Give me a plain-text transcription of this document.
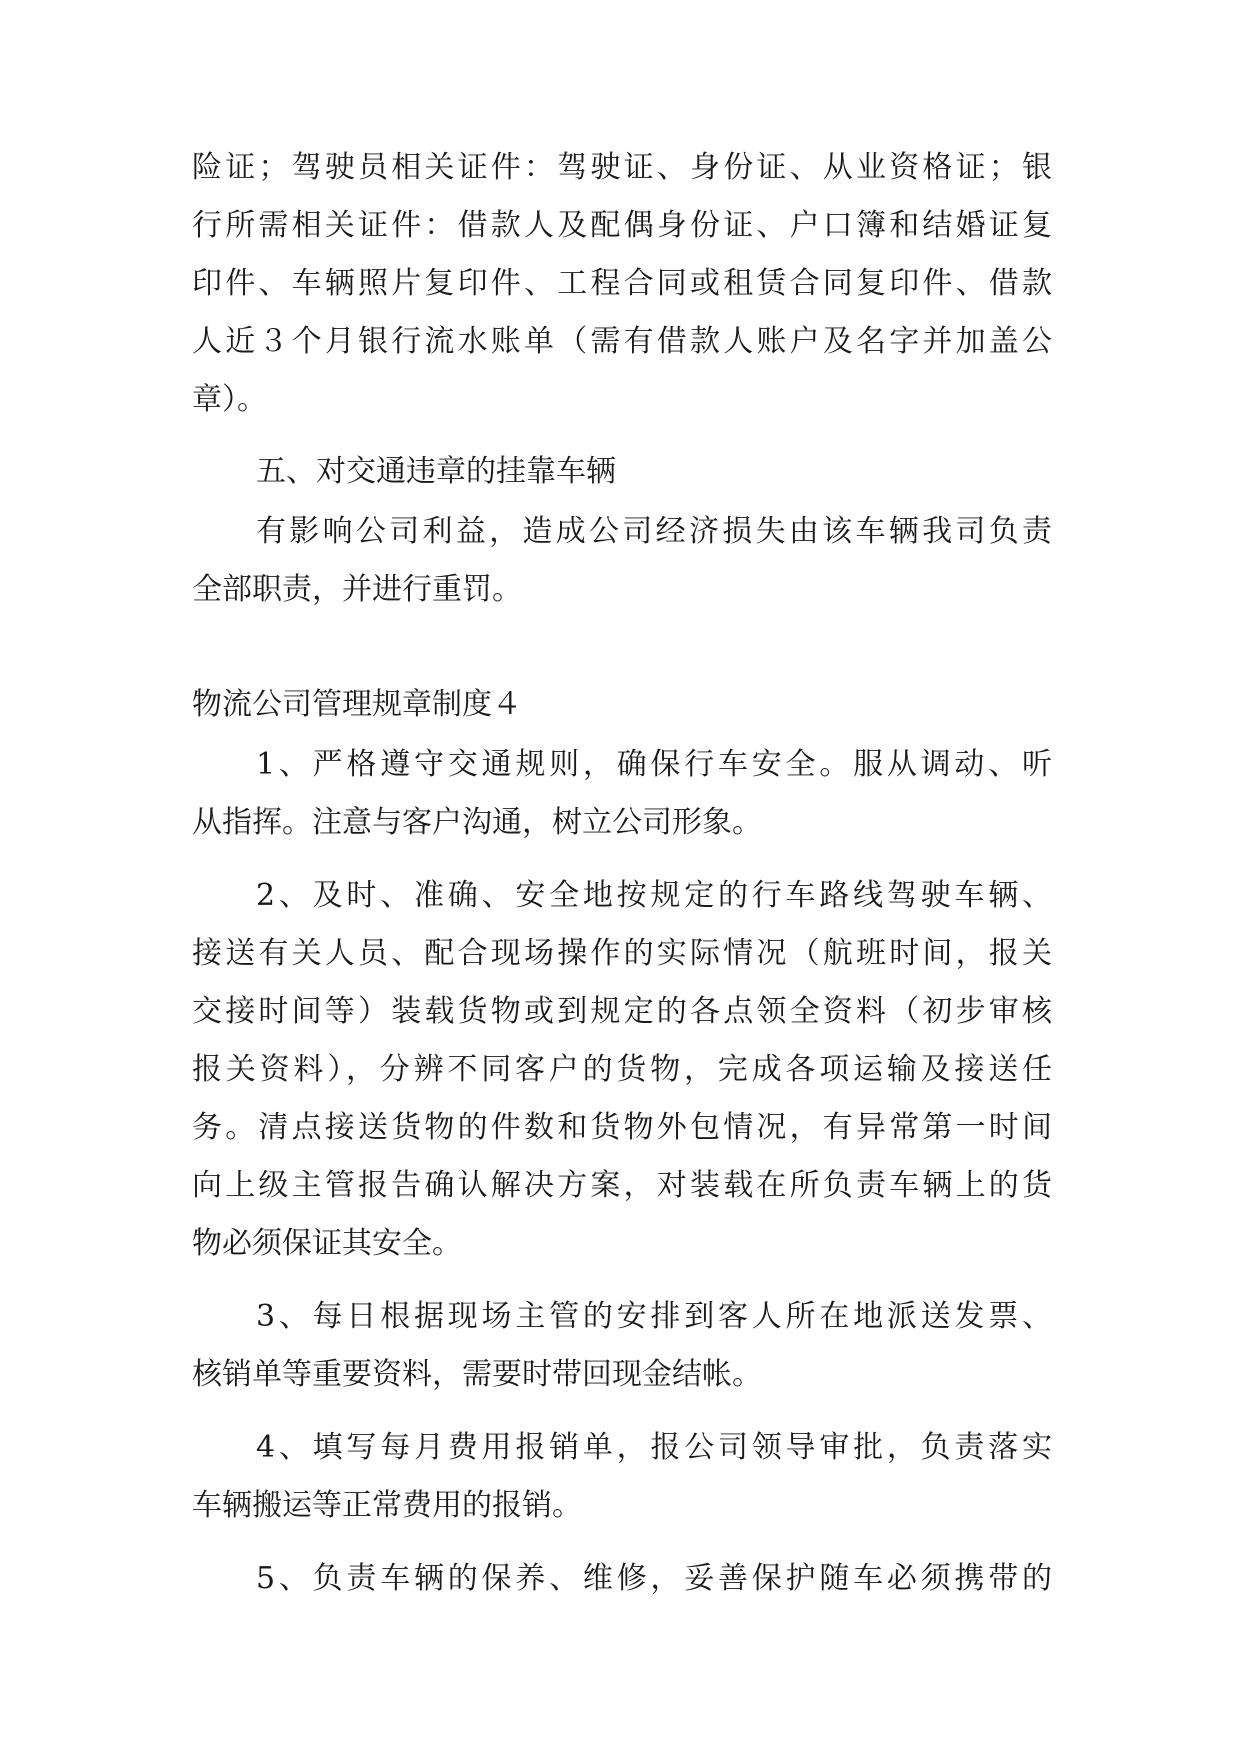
险证；驾驶员相关证件：驾驶证、身份证、从业资格证；银
行所需相关证件：借款人及配偶身份证、户口簿和结婚证复
印件、车辆照片复印件、工程合同或租赁合同复印件、借款
人近３个月银行流水账单（需有借款人账户及名字并加盖公
章）。
五、对交通违章的挂靠车辆
有影响公司利益，造成公司经济损失由该车辆我司负责
全部职责，并进行重罚。
物流公司管理规章制度４
1、严格遵守交通规则，确保行车安全。服从调动、听
从指挥。注意与客户沟通，树立公司形象。
2、及时、准确、安全地按规定的行车路线驾驶车辆、
接送有关人员、配合现场操作的实际情况（航班时间，报关
交接时间等）装载货物或到规定的各点领全资料（初步审核
报关资料），分辨不同客户的货物，完成各项运输及接送任
务。清点接送货物的件数和货物外包情况，有异常第一时间
向上级主管报告确认解决方案，对装载在所负责车辆上的货
物必须保证其安全。
3、每日根据现场主管的安排到客人所在地派送发票、
核销单等重要资料，需要时带回现金结帐。
4、填写每月费用报销单，报公司领导审批，负责落实
车辆搬运等正常费用的报销。
5、负责车辆的保养、维修，妥善保护随车必须携带的
